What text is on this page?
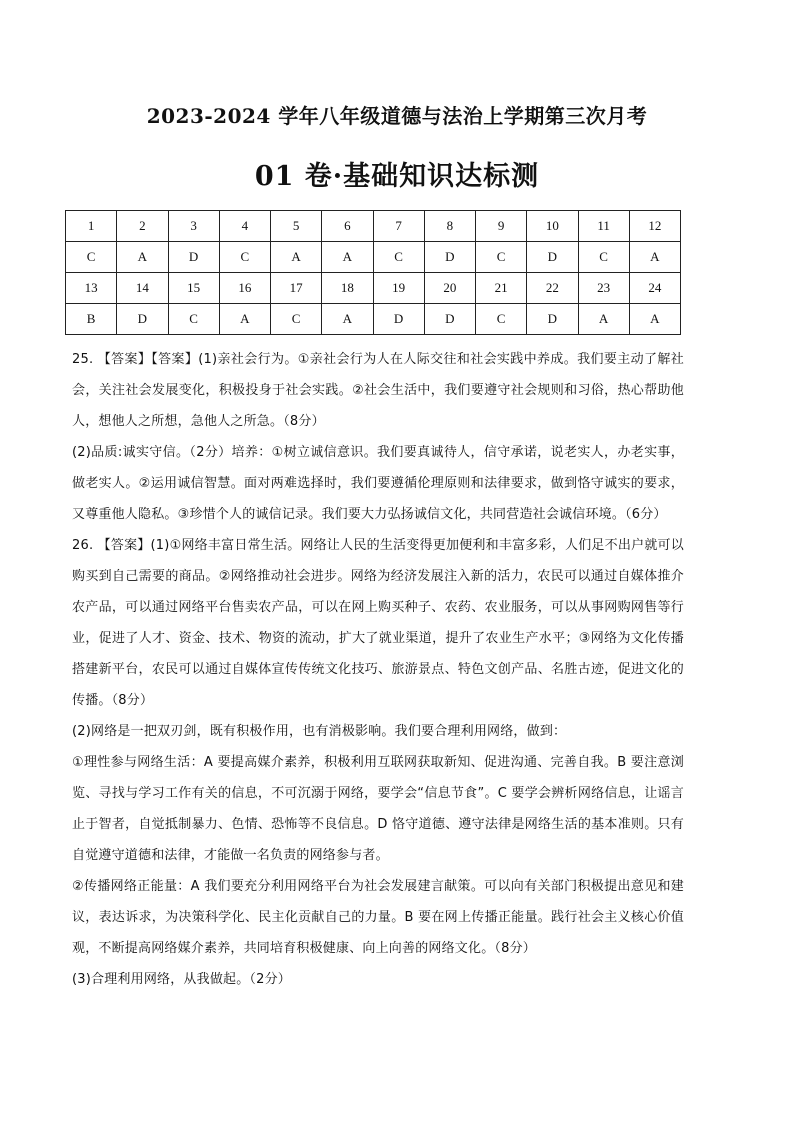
2023-2024 学年八年级道德与法治上学期第三次月考
01 卷·基础知识达标测
1	2	3	4	5	6	7	8	9	10	11	12
C	A	D	C	A	A	C	D	C	D	C	A
13	14	15	16	17	18	19	20	21	22	23	24
B	D	C	A	C	A	D	D	C	D	A	A

25. 【答案】【答案】(1)亲社会行为。①亲社会行为人在人际交往和社会实践中养成。我们要主动了解社会，关注社会发展变化，积极投身于社会实践。②社会生活中，我们要遵守社会规则和习俗，热心帮助他人，想他人之所想，急他人之所急。（8分）

(2)品质:诚实守信。（2分）培养：①树立诚信意识。我们要真诚待人，信守承诺，说老实人，办老实事，做老实人。②运用诚信智慧。面对两难选择时，我们要遵循伦理原则和法律要求，做到恪守诚实的要求，又尊重他人隐私。③珍惜个人的诚信记录。我们要大力弘扬诚信文化，共同营造社会诚信环境。（6分）

26. 【答案】(1)①网络丰富日常生活。网络让人民的生活变得更加便利和丰富多彩，人们足不出户就可以购买到自己需要的商品。②网络推动社会进步。网络为经济发展注入新的活力，农民可以通过自媒体推介农产品，可以通过网络平台售卖农产品，可以在网上购买种子、农药、农业服务，可以从事网购网售等行业，促进了人才、资金、技术、物资的流动，扩大了就业渠道，提升了农业生产水平；③网络为文化传播搭建新平台，农民可以通过自媒体宣传传统文化技巧、旅游景点、特色文创产品、名胜古迹，促进文化的传播。（8分）

(2)网络是一把双刃剑，既有积极作用，也有消极影响。我们要合理利用网络，做到：

①理性参与网络生活：A 要提高媒介素养，积极利用互联网获取新知、促进沟通、完善自我。B 要注意浏览、寻找与学习工作有关的信息，不可沉溺于网络，要学会“信息节食”。C 要学会辨析网络信息，让谣言止于智者，自觉抵制暴力、色情、恐怖等不良信息。D 恪守道德、遵守法律是网络生活的基本准则。只有自觉遵守道德和法律，才能做一名负责的网络参与者。

②传播网络正能量：A 我们要充分利用网络平台为社会发展建言献策。可以向有关部门积极提出意见和建议，表达诉求，为决策科学化、民主化贡献自己的力量。B 要在网上传播正能量。践行社会主义核心价值观，不断提高网络媒介素养，共同培育积极健康、向上向善的网络文化。（8分）

(3)合理利用网络，从我做起。（2分）
